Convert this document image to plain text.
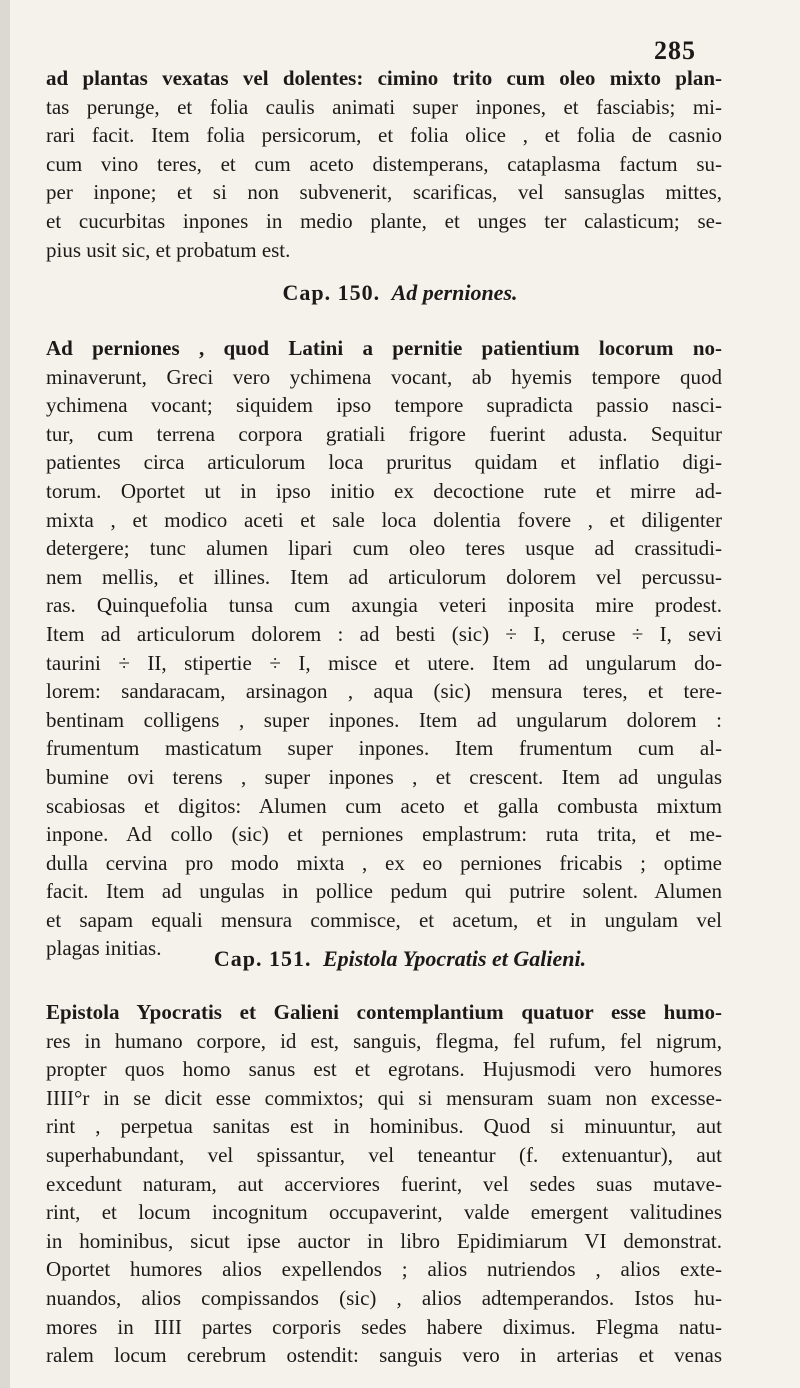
285
ad plantas vexatas vel dolentes: cimino trito cum oleo mixto plan-
tas perunge, et folia caulis animati super inpones, et fasciabis; mi-
rari facit. Item folia persicorum, et folia olice , et folia de casnio
cum vino teres, et cum aceto distemperans, cataplasma factum su-
per inpone; et si non subvenerit, scarificas, vel sansuglas mittes,
et cucurbitas inpones in medio plante, et unges ter calasticum; se-
pius usit sic, et probatum est.
Cap. 150. Ad perniones.
Ad perniones , quod Latini a pernitie patientium locorum no-
minaverunt, Greci vero ychimena vocant, ab hyemis tempore quod
ychimena vocant; siquidem ipso tempore supradicta passio nasci-
tur, cum terrena corpora gratiali frigore fuerint adusta. Sequitur
patientes circa articulorum loca pruritus quidam et inflatio digi-
torum. Oportet ut in ipso initio ex decoctione rute et mirre ad-
mixta , et modico aceti et sale loca dolentia fovere , et diligenter
detergere; tunc alumen lipari cum oleo teres usque ad crassitudi-
nem mellis, et illines. Item ad articulorum dolorem vel percussu-
ras. Quinquefolia tunsa cum axungia veteri inposita mire prodest.
Item ad articulorum dolorem : ad besti (sic) ÷ I, ceruse ÷ I, sevi
taurini ÷ II, stipertie ÷ I, misce et utere. Item ad ungularum do-
lorem: sandaracam, arsinagon , aqua (sic) mensura teres, et tere-
bentinam colligens , super inpones. Item ad ungularum dolorem :
frumentum masticatum super inpones. Item frumentum cum al-
bumine ovi terens , super inpones , et crescent. Item ad ungulas
scabiosas et digitos: Alumen cum aceto et galla combusta mixtum
inpone. Ad collo (sic) et perniones emplastrum: ruta trita, et me-
dulla cervina pro modo mixta , ex eo perniones fricabis ; optime
facit. Item ad ungulas in pollice pedum qui putrire solent. Alumen
et sapam equali mensura commisce, et acetum, et in ungulam vel
plagas initias.	Cap. 151. Epistola Ypocratis et Galieni.
Epistola Ypocratis et Galieni contemplantium quatuor esse humo-
res in humano corpore, id est, sanguis, flegma, fel rufum, fel nigrum,
propter quos homo sanus est et egrotans. Hujusmodi vero humores
IIII°r in se dicit esse commixtos; qui si mensuram suam non excesse-
rint , perpetua sanitas est in hominibus. Quod si minuuntur, aut
superhabundant, vel spissantur, vel teneantur (f. extenuantur), aut
excedunt naturam, aut accerviores fuerint, vel sedes suas mutave-
rint, et locum incognitum occupaverint, valde emergent valitudines
in hominibus, sicut ipse auctor in libro Epidimiarum VI demonstrat.
Oportet humores alios expellendos ; alios nutriendos , alios exte-
nuandos, alios compissandos (sic) , alios adtemperandos. Istos hu-
mores in IIII partes corporis sedes habere diximus. Flegma natu-
ralem locum cerebrum ostendit: sanguis vero in arterias et venas
